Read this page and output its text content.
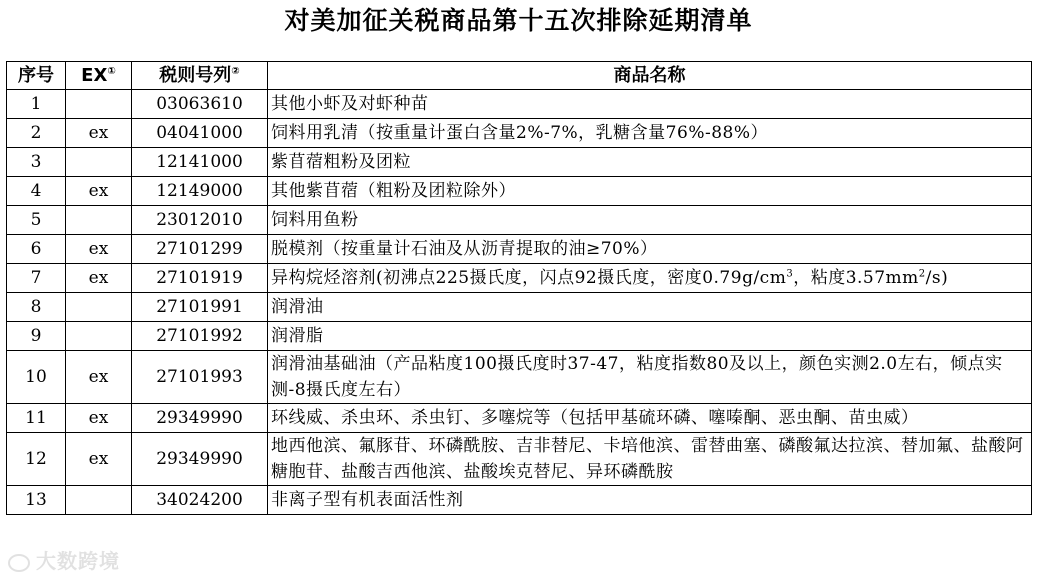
对美加征关税商品第十五次排除延期清单
序号	EX①	税则号列②	商品名称
1		03063610	其他小虾及对虾种苗
2	ex	04041000	饲料用乳清（按重量计蛋白含量2%-7%，乳糖含量76%-88%）
3		12141000	紫苜蓿粗粉及团粒
4	ex	12149000	其他紫苜蓿（粗粉及团粒除外）
5		23012010	饲料用鱼粉
6	ex	27101299	脱模剂（按重量计石油及从沥青提取的油≥70%）
7	ex	27101919	异构烷烃溶剂(初沸点225摄氏度，闪点92摄氏度，密度$0.79g/cm^3$，粘度$3.57mm^2/s$)
8		27101991	润滑油
9		27101992	润滑脂
10	ex	27101993	润滑油基础油（产品粘度100摄氏度时37-47，粘度指数80及以上，颜色实测2.0左右，倾点实测-8摄氏度左右）
11	ex	29349990	环线威、杀虫环、杀虫钉、多噻烷等（包括甲基硫环磷、噻嗪酮、恶虫酮、苗虫威）
12	ex	29349990	地西他滨、氟豚苷、环磷酰胺、吉非替尼、卡培他滨、雷替曲塞、磷酸氟达拉滨、替加氟、盐酸阿糖胞苷、盐酸吉西他滨、盐酸埃克替尼、异环磷酰胺
13		34024200	非离子型有机表面活性剂
大数跨境
